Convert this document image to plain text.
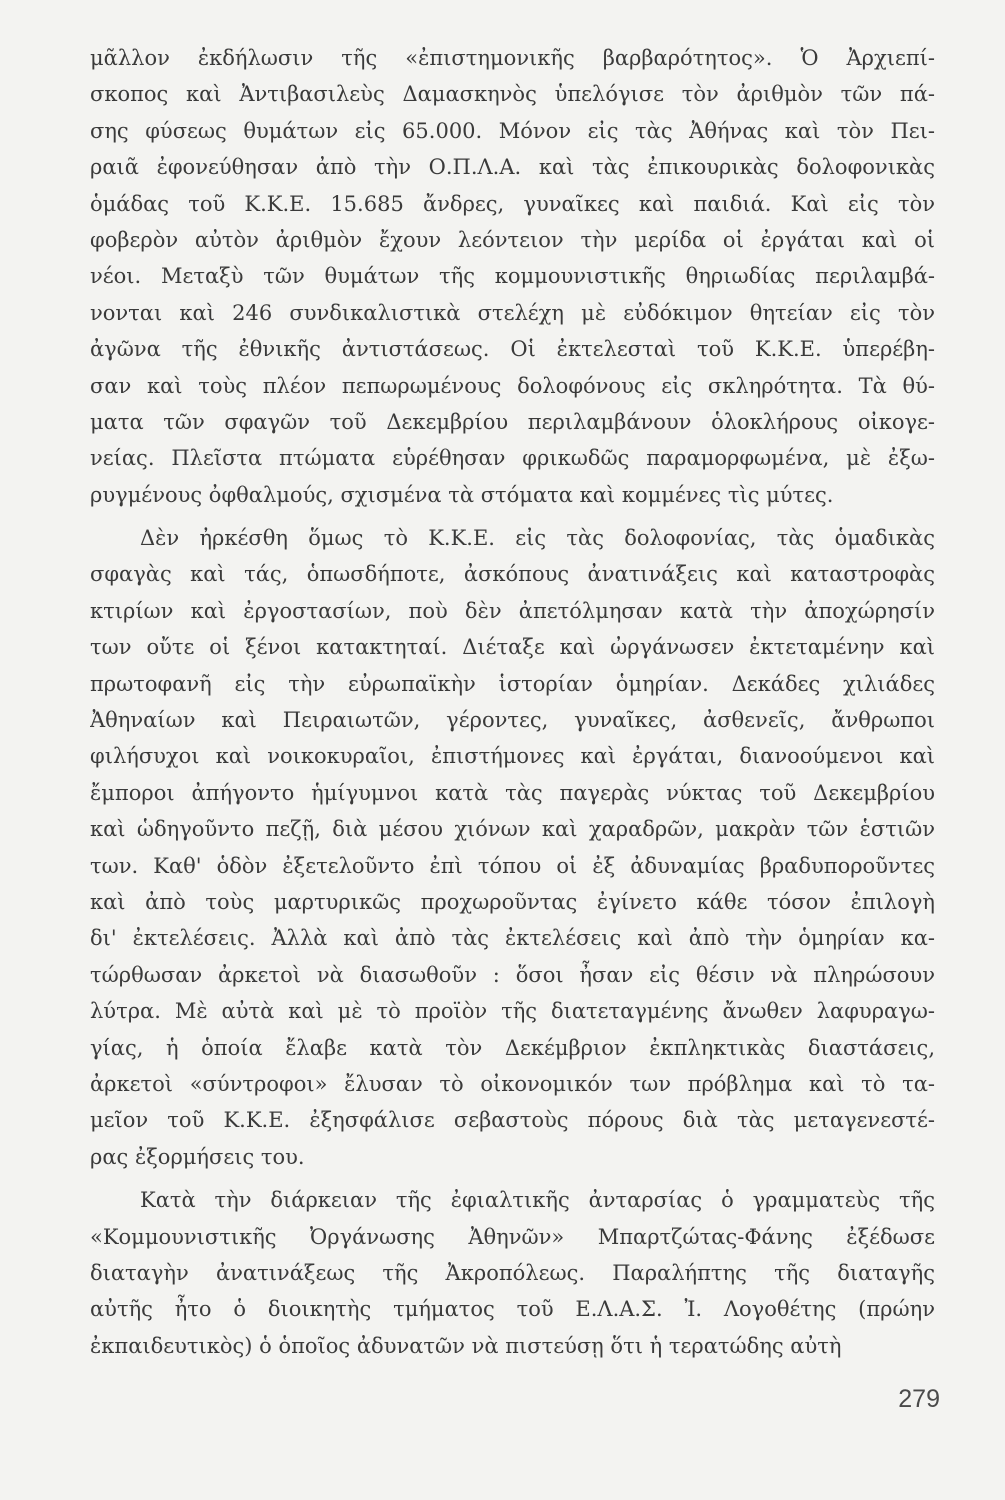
μᾶλλον ἐκδήλωσιν τῆς «ἐπιστημονικῆς βαρβαρότητος». Ὁ Ἀρχιεπί-
σκοπος καὶ Ἀντιβασιλεὺς Δαμασκηνὸς ὑπελόγισε τὸν ἀριθμὸν τῶν πά-
σης φύσεως θυμάτων εἰς 65.000. Μόνον εἰς τὰς Ἀθήνας καὶ τὸν Πει-
ραιᾶ ἐφονεύθησαν ἀπὸ τὴν Ο.Π.Λ.Α. καὶ τὰς ἐπικουρικὰς δολοφονικὰς
ὁμάδας τοῦ Κ.Κ.Ε. 15.685 ἄνδρες, γυναῖκες καὶ παιδιά. Καὶ εἰς τὸν
φοβερὸν αὐτὸν ἀριθμὸν ἔχουν λεόντειον τὴν μερίδα οἱ ἐργάται καὶ οἱ
νέοι. Μεταξὺ τῶν θυμάτων τῆς κομμουνιστικῆς θηριωδίας περιλαμβά-
νονται καὶ 246 συνδικαλιστικὰ στελέχη μὲ εὐδόκιμον θητείαν εἰς τὸν
ἀγῶνα τῆς ἐθνικῆς ἀντιστάσεως. Οἱ ἐκτελεσταὶ τοῦ Κ.Κ.Ε. ὑπερέβη-
σαν καὶ τοὺς πλέον πεπωρωμένους δολοφόνους εἰς σκληρότητα. Τὰ θύ-
ματα τῶν σφαγῶν τοῦ Δεκεμβρίου περιλαμβάνουν ὁλοκλήρους οἰκογε-
νείας. Πλεῖστα πτώματα εὑρέθησαν φρικωδῶς παραμορφωμένα, μὲ ἐξω-
ρυγμένους ὀφθαλμούς, σχισμένα τὰ στόματα καὶ κομμένες τὶς μύτες.
Δὲν ἠρκέσθη ὅμως τὸ Κ.Κ.Ε. εἰς τὰς δολοφονίας, τὰς ὁμαδικὰς
σφαγὰς καὶ τάς, ὁπωσδήποτε, ἀσκόπους ἀνατινάξεις καὶ καταστροφὰς
κτιρίων καὶ ἐργοστασίων, ποὺ δὲν ἀπετόλμησαν κατὰ τὴν ἀποχώρησίν
των οὔτε οἱ ξένοι κατακτηταί. Διέταξε καὶ ὠργάνωσεν ἐκτεταμένην καὶ
πρωτοφανῆ εἰς τὴν εὐρωπαϊκὴν ἱστορίαν ὁμηρίαν. Δεκάδες χιλιάδες
Ἀθηναίων καὶ Πειραιωτῶν, γέροντες, γυναῖκες, ἀσθενεῖς, ἄνθρωποι
φιλήσυχοι καὶ νοικοκυραῖοι, ἐπιστήμονες καὶ ἐργάται, διανοούμενοι καὶ
ἔμποροι ἀπήγοντο ἡμίγυμνοι κατὰ τὰς παγερὰς νύκτας τοῦ Δεκεμβρίου
καὶ ὡδηγοῦντο πεζῇ, διὰ μέσου χιόνων καὶ χαραδρῶν, μακρὰν τῶν ἑστιῶν
των. Καθ' ὁδὸν ἐξετελοῦντο ἐπὶ τόπου οἱ ἐξ ἀδυναμίας βραδυποροῦντες
καὶ ἀπὸ τοὺς μαρτυρικῶς προχωροῦντας ἐγίνετο κάθε τόσον ἐπιλογὴ
δι' ἐκτελέσεις. Ἀλλὰ καὶ ἀπὸ τὰς ἐκτελέσεις καὶ ἀπὸ τὴν ὁμηρίαν κα-
τώρθωσαν ἀρκετοὶ νὰ διασωθοῦν : ὅσοι ἦσαν εἰς θέσιν νὰ πληρώσουν
λύτρα. Μὲ αὐτὰ καὶ μὲ τὸ προϊὸν τῆς διατεταγμένης ἄνωθεν λαφυραγω-
γίας, ἡ ὁποία ἔλαβε κατὰ τὸν Δεκέμβριον ἐκπληκτικὰς διαστάσεις,
ἀρκετοὶ «σύντροφοι» ἔλυσαν τὸ οἰκονομικόν των πρόβλημα καὶ τὸ τα-
μεῖον τοῦ Κ.Κ.Ε. ἐξησφάλισε σεβαστοὺς πόρους διὰ τὰς μεταγενεστέ-
ρας ἐξορμήσεις του.
Κατὰ τὴν διάρκειαν τῆς ἐφιαλτικῆς ἀνταρσίας ὁ γραμματεὺς τῆς
«Κομμουνιστικῆς Ὀργάνωσης Ἀθηνῶν» Μπαρτζώτας-Φάνης ἐξέδωσε
διαταγὴν ἀνατινάξεως τῆς Ἀκροπόλεως. Παραλήπτης τῆς διαταγῆς
αὐτῆς ἦτο ὁ διοικητὴς τμήματος τοῦ Ε.Λ.Α.Σ. Ἰ. Λογοθέτης (πρώην
ἐκπαιδευτικὸς) ὁ ὁποῖος ἀδυνατῶν νὰ πιστεύσῃ ὅτι ἡ τερατώδης αὐτὴ
279
